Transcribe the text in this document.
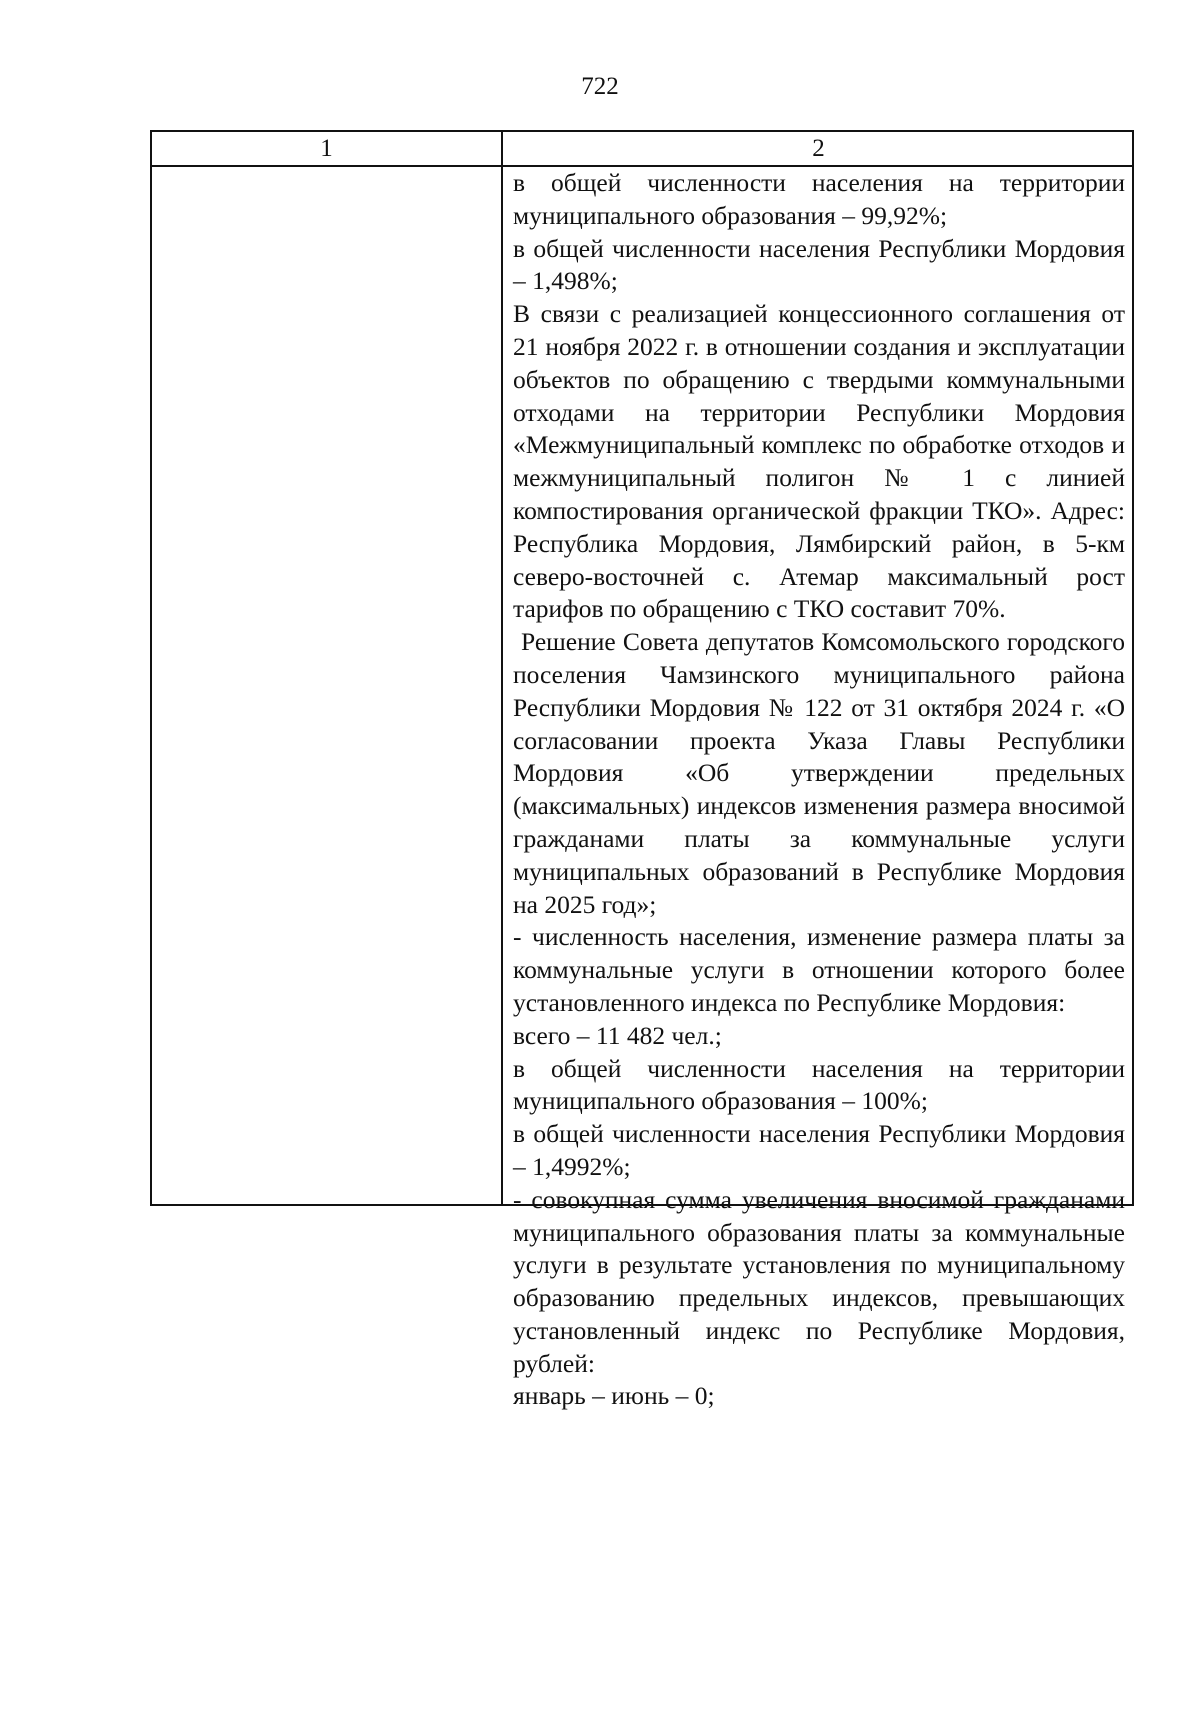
722
1	2

в общей численности населения на территории муниципального образования – 99,92%;

в общей численности населения Республики Мордовия – 1,498%;

В связи с реализацией концессионного соглашения от 21 ноября 2022 г. в отношении создания и эксплуатации объектов по обращению с твердыми коммунальными отходами на территории Республики Мордовия «Межмуниципальный комплекс по обработке отходов и межмуниципальный полигон № 1 с линией компостирования органической фракции ТКО». Адрес: Республика Мордовия, Лямбирский район, в 5-км северо-восточней с. Атемар максимальный рост тарифов по обращению с ТКО составит 70%.

Решение Совета депутатов Комсомольского городского поселения Чамзинского муниципального района Республики Мордовия № 122 от 31 октября 2024 г. «О согласовании проекта Указа Главы Республики Мордовия «Об утверждении предельных (максимальных) индексов изменения размера вносимой гражданами платы за коммунальные услуги муниципальных образований в Республике Мордовия на 2025 год»;

- численность населения, изменение размера платы за коммунальные услуги в отношении которого более установленного индекса по Республике Мордовия:

всего – 11 482 чел.;

в общей численности населения на территории муниципального образования – 100%;

в общей численности населения Республики Мордовия – 1,4992%;

- совокупная сумма увеличения вносимой гражданами муниципального образования платы за коммунальные услуги в результате установления по муниципальному образованию предельных индексов, превышающих установленный индекс по Республике Мордовия, рублей:

январь – июнь – 0;
